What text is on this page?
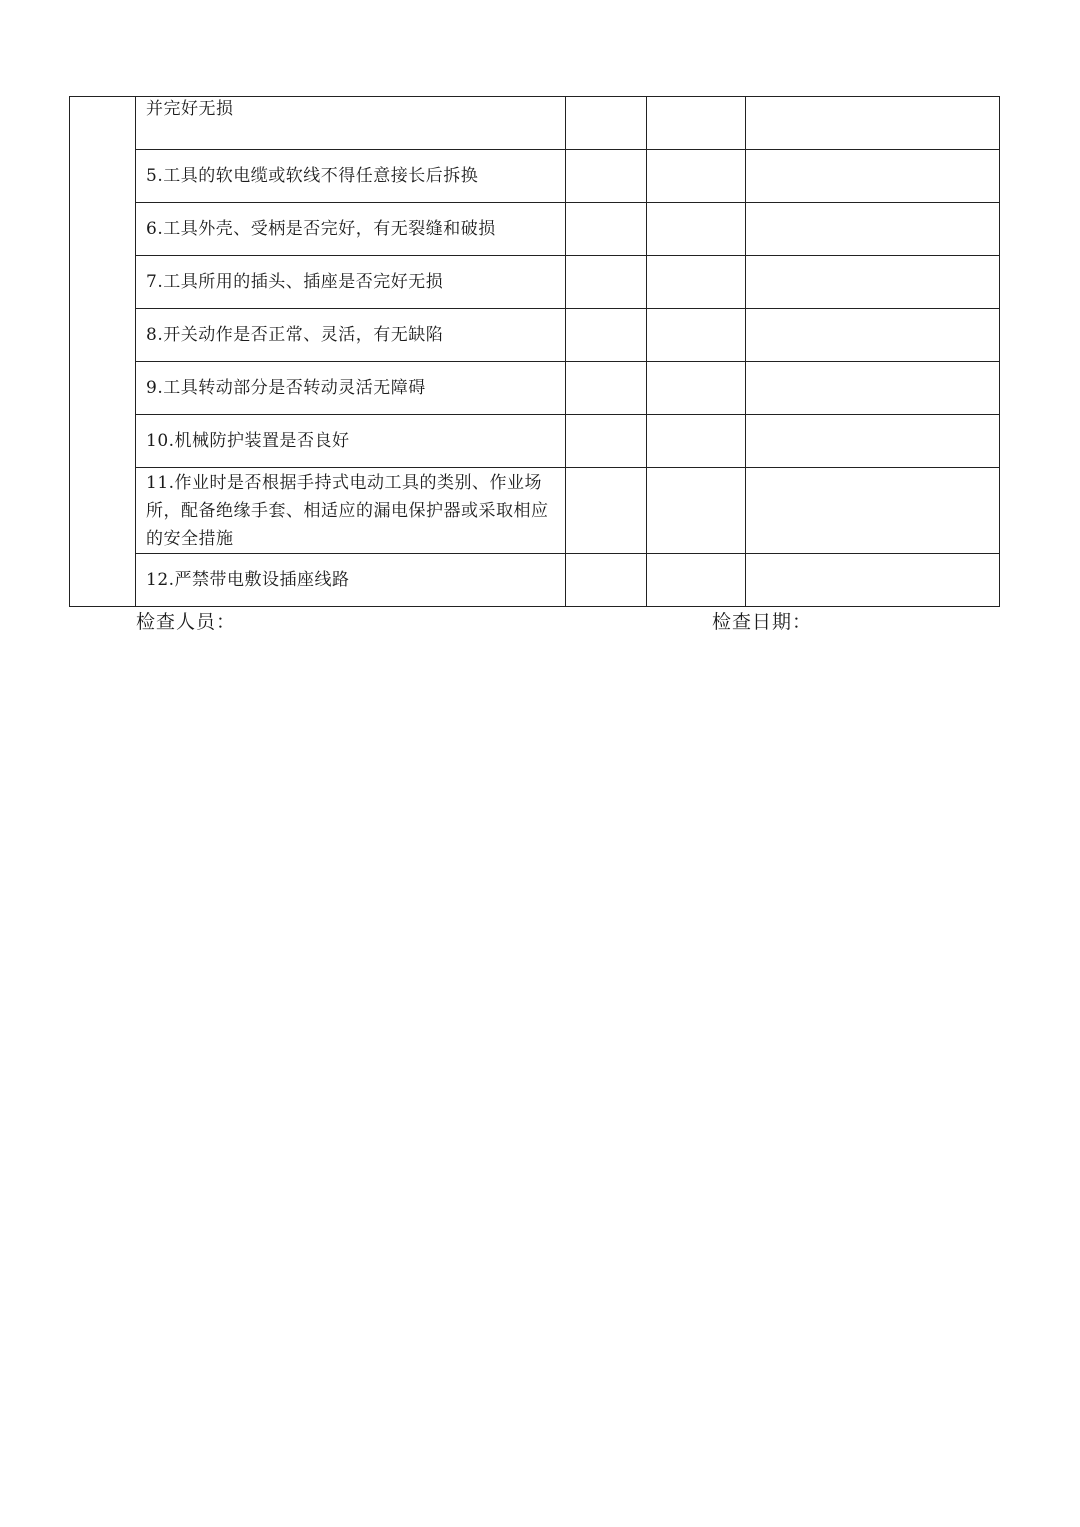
	并完好无损			

	5.工具的软电缆或软线不得任意接长后拆换			

	6.工具外壳、受柄是否完好，有无裂缝和破损			

	7.工具所用的插头、插座是否完好无损			

	8.开关动作是否正常、灵活，有无缺陷			

	9.工具转动部分是否转动灵活无障碍			

	10.机械防护装置是否良好			

	11.作业时是否根据手持式电动工具的类别、作业场所，配备绝缘手套、相适应的漏电保护器或采取相应的安全措施			

	12.严禁带电敷设插座线路			

检查人员：	检查日期：
